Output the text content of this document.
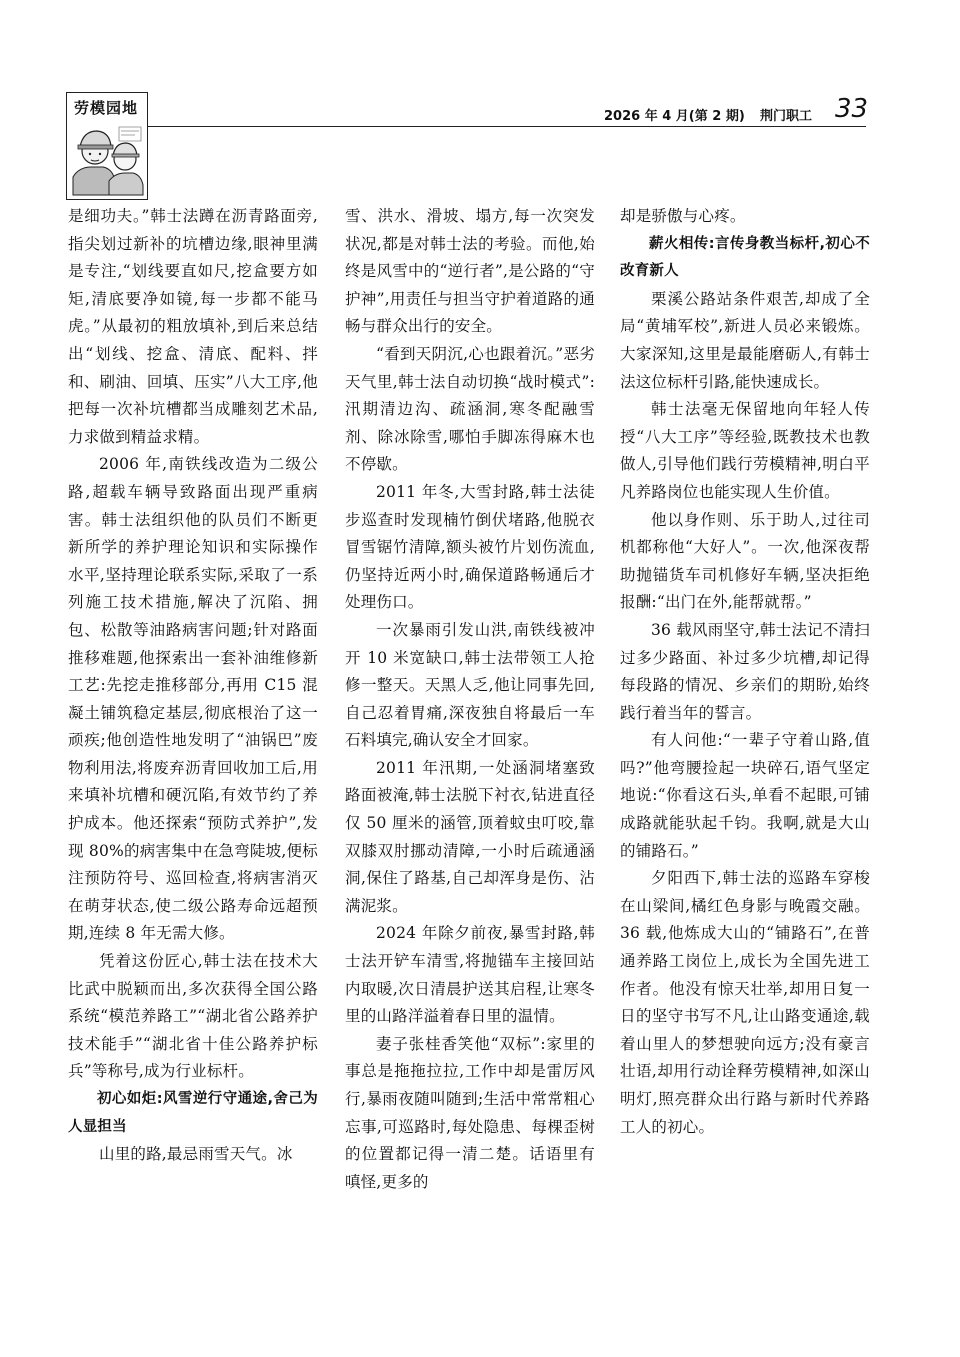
劳模园地	2026 年 4 月(第 2 期) 荆门职工 33

是细功夫。”韩士法蹲在沥青路面旁,指尖划过新补的坑槽边缘,眼神里满是专注,“划线要直如尺,挖盒要方如矩,清底要净如镜,每一步都不能马虎。”从最初的粗放填补,到后来总结出“划线、挖盒、清底、配料、拌和、刷油、回填、压实”八大工序,他把每一次补坑槽都当成雕刻艺术品,力求做到精益求精。

2006 年,南铁线改造为二级公路,超载车辆导致路面出现严重病害。韩士法组织他的队员们不断更新所学的养护理论知识和实际操作水平,坚持理论联系实际,采取了一系列施工技术措施,解决了沉陷、拥包、松散等油路病害问题;针对路面推移难题,他探索出一套补油维修新工艺:先挖走推移部分,再用 C15 混凝土铺筑稳定基层,彻底根治了这一顽疾;他创造性地发明了“油锅巴”废物利用法,将废弃沥青回收加工后,用来填补坑槽和硬沉陷,有效节约了养护成本。他还探索“预防式养护”,发现 80%的病害集中在急弯陡坡,便标注预防符号、巡回检查,将病害消灭在萌芽状态,使二级公路寿命远超预期,连续 8 年无需大修。

凭着这份匠心,韩士法在技术大比武中脱颖而出,多次获得全国公路系统“模范养路工”“湖北省公路养护技术能手”“湖北省十佳公路养护标兵”等称号,成为行业标杆。

初心如炬:风雪逆行守通途,舍己为人显担当

山里的路,最忌雨雪天气。冰

雪、洪水、滑坡、塌方,每一次突发状况,都是对韩士法的考验。而他,始终是风雪中的“逆行者”,是公路的“守护神”,用责任与担当守护着道路的通畅与群众出行的安全。

“看到天阴沉,心也跟着沉。”恶劣天气里,韩士法自动切换“战时模式”:汛期清边沟、疏涵洞,寒冬配融雪剂、除冰除雪,哪怕手脚冻得麻木也不停歇。

2011 年冬,大雪封路,韩士法徒步巡查时发现楠竹倒伏堵路,他脱衣冒雪锯竹清障,额头被竹片划伤流血,仍坚持近两小时,确保道路畅通后才处理伤口。

一次暴雨引发山洪,南铁线被冲开 10 米宽缺口,韩士法带领工人抢修一整天。天黑人乏,他让同事先回,自己忍着胃痛,深夜独自将最后一车石料填完,确认安全才回家。

2011 年汛期,一处涵洞堵塞致路面被淹,韩士法脱下衬衣,钻进直径仅 50 厘米的涵管,顶着蚊虫叮咬,靠双膝双肘挪动清障,一小时后疏通涵洞,保住了路基,自己却浑身是伤、沾满泥浆。

2024 年除夕前夜,暴雪封路,韩士法开铲车清雪,将抛锚车主接回站内取暖,次日清晨护送其启程,让寒冬里的山路洋溢着春日里的温情。

妻子张桂香笑他“双标”:家里的事总是拖拖拉拉,工作中却是雷厉风行,暴雨夜随叫随到;生活中常常粗心忘事,可巡路时,每处隐患、每棵歪树的位置都记得一清二楚。话语里有嗔怪,更多的

却是骄傲与心疼。

薪火相传:言传身教当标杆,初心不改育新人

栗溪公路站条件艰苦,却成了全局“黄埔军校”,新进人员必来锻炼。大家深知,这里是最能磨砺人,有韩士法这位标杆引路,能快速成长。

韩士法毫无保留地向年轻人传授“八大工序”等经验,既教技术也教做人,引导他们践行劳模精神,明白平凡养路岗位也能实现人生价值。

他以身作则、乐于助人,过往司机都称他“大好人”。一次,他深夜帮助抛锚货车司机修好车辆,坚决拒绝报酬:“出门在外,能帮就帮。”

36 载风雨坚守,韩士法记不清扫过多少路面、补过多少坑槽,却记得每段路的情况、乡亲们的期盼,始终践行着当年的誓言。

有人问他:“一辈子守着山路,值吗?”他弯腰捡起一块碎石,语气坚定地说:“你看这石头,单看不起眼,可铺成路就能驮起千钧。我啊,就是大山的铺路石。”

夕阳西下,韩士法的巡路车穿梭在山梁间,橘红色身影与晚霞交融。36 载,他炼成大山的“铺路石”,在普通养路工岗位上,成长为全国先进工作者。他没有惊天壮举,却用日复一日的坚守书写不凡,让山路变通途,载着山里人的梦想驶向远方;没有豪言壮语,却用行动诠释劳模精神,如深山明灯,照亮群众出行路与新时代养路工人的初心。
